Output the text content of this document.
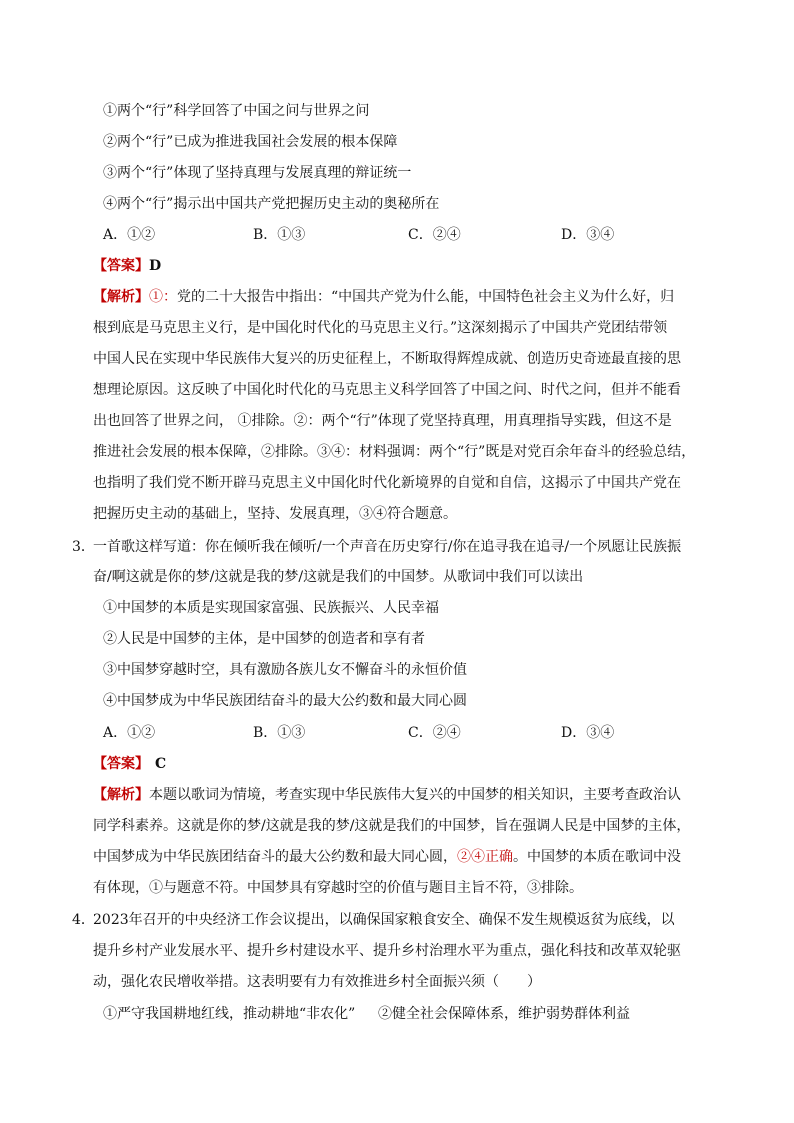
①两个“行”科学回答了中国之问与世界之问
②两个“行”已成为推进我国社会发展的根本保障
③两个“行”体现了坚持真理与发展真理的辩证统一
④两个“行”揭示出中国共产党把握历史主动的奥秘所在
A．①②	B．①③	C．②④	D．③④
【答案】D
【解析】①：党的二十大报告中指出：“中国共产党为什么能，中国特色社会主义为什么好，归
根到底是马克思主义行，是中国化时代化的马克思主义行。”这深刻揭示了中国共产党团结带领
中国人民在实现中华民族伟大复兴的历史征程上，不断取得辉煌成就、创造历史奇迹最直接的思
想理论原因。这反映了中国化时代化的马克思主义科学回答了中国之问、时代之问，但并不能看
出也回答了世界之问， ①排除。②：两个“行”体现了党坚持真理，用真理指导实践，但这不是
推进社会发展的根本保障，②排除。③④：材料强调：两个“行”既是对党百余年奋斗的经验总结，
也指明了我们党不断开辟马克思主义中国化时代化新境界的自觉和自信，这揭示了中国共产党在
把握历史主动的基础上，坚持、发展真理，③④符合题意。
3．一首歌这样写道：你在倾听我在倾听/一个声音在历史穿行/你在追寻我在追寻/一个夙愿让民族振
奋/啊这就是你的梦/这就是我的梦/这就是我们的中国梦。从歌词中我们可以读出
①中国梦的本质是实现国家富强、民族振兴、人民幸福
②人民是中国梦的主体，是中国梦的创造者和享有者
③中国梦穿越时空，具有激励各族儿女不懈奋斗的永恒价值
④中国梦成为中华民族团结奋斗的最大公约数和最大同心圆
A．①②	B．①③	C．②④	D．③④
【答案】 C
【解析】本题以歌词为情境，考查实现中华民族伟大复兴的中国梦的相关知识，主要考查政治认
同学科素养。这就是你的梦/这就是我的梦/这就是我们的中国梦，旨在强调人民是中国梦的主体，
中国梦成为中华民族团结奋斗的最大公约数和最大同心圆，②④正确。中国梦的本质在歌词中没
有体现，①与题意不符。中国梦具有穿越时空的价值与题目主旨不符，③排除。
4．2023年召开的中央经济工作会议提出，以确保国家粮食安全、确保不发生规模返贫为底线，以
提升乡村产业发展水平、提升乡村建设水平、提升乡村治理水平为重点，强化科技和改革双轮驱
动，强化农民增收举措。这表明要有力有效推进乡村全面振兴须（　　）
①严守我国耕地红线，推动耕地“非农化” ②健全社会保障体系，维护弱势群体利益
